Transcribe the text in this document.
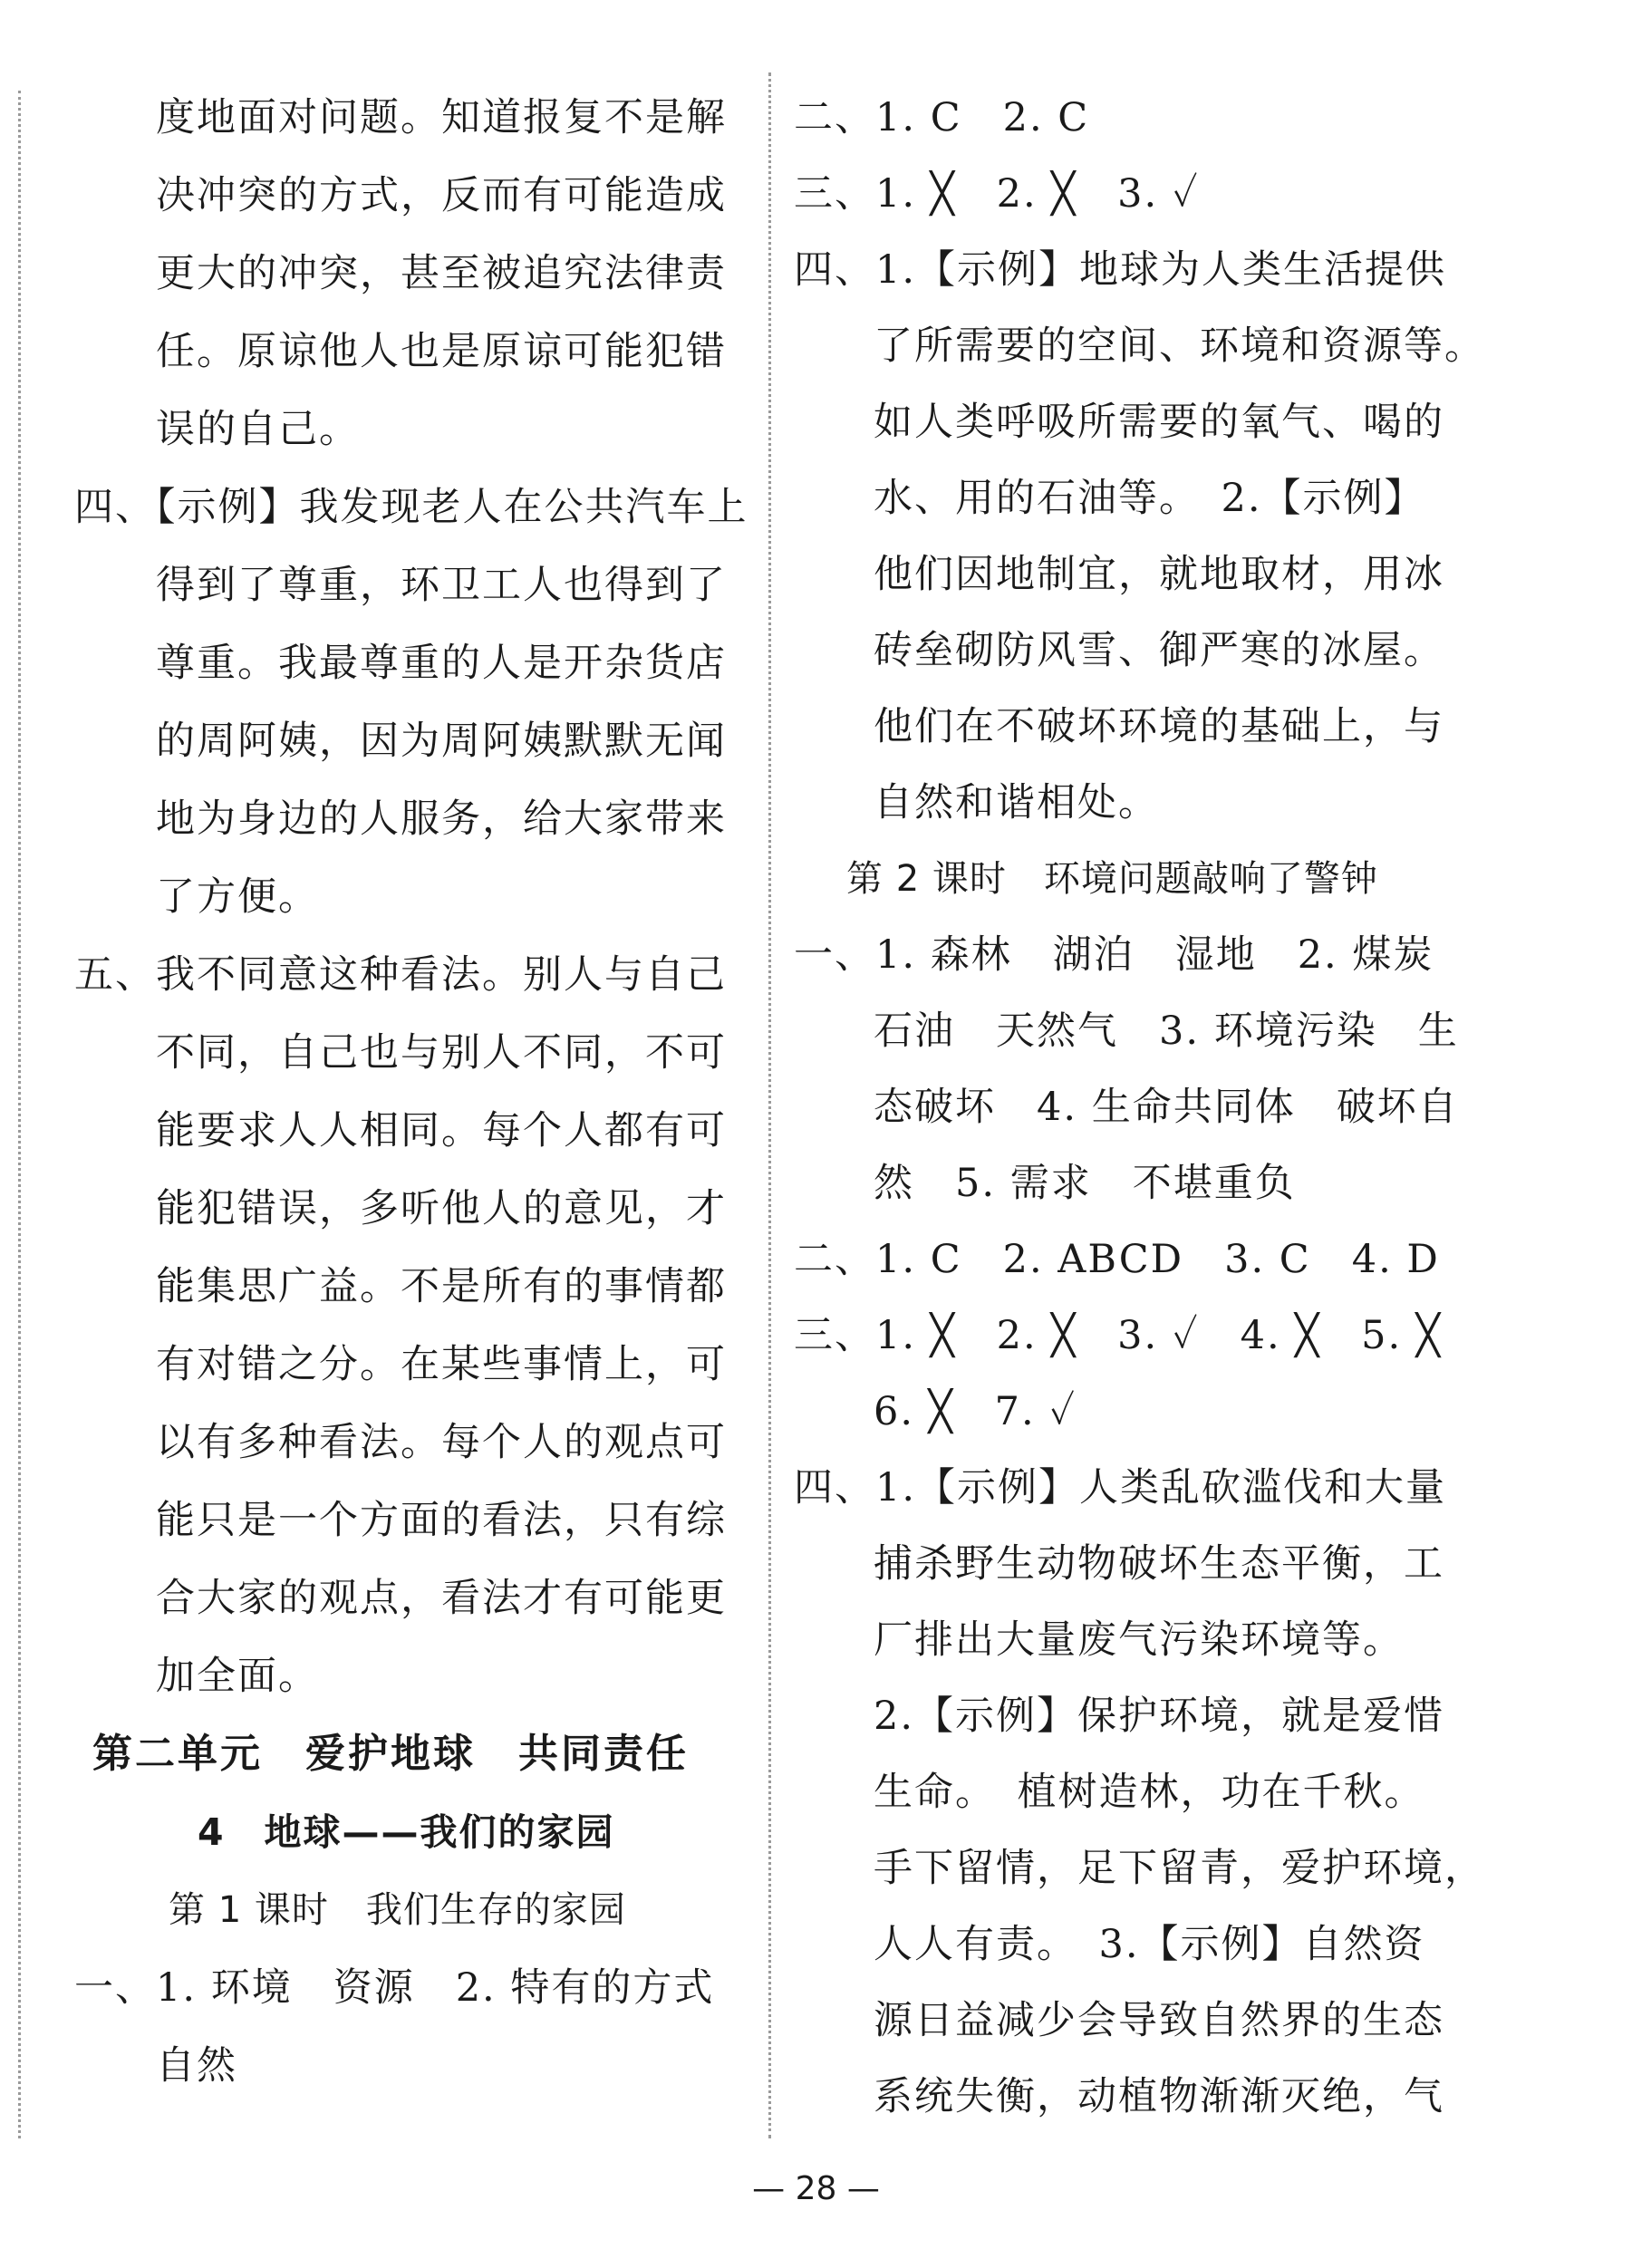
度地面对问题。知道报复不是解
决冲突的方式，反而有可能造成
更大的冲突，甚至被追究法律责
任。原谅他人也是原谅可能犯错
误的自己。
四、【示例】我发现老人在公共汽车上
得到了尊重，环卫工人也得到了
尊重。我最尊重的人是开杂货店
的周阿姨，因为周阿姨默默无闻
地为身边的人服务，给大家带来
了方便。
五、我不同意这种看法。别人与自己
不同，自己也与别人不同，不可
能要求人人相同。每个人都有可
能犯错误，多听他人的意见，才
能集思广益。不是所有的事情都
有对错之分。在某些事情上，可
以有多种看法。每个人的观点可
能只是一个方面的看法，只有综
合大家的观点，看法才有可能更
加全面。
第二单元　爱护地球　共同责任
4　地球——我们的家园
第 1 课时　我们生存的家园
一、1. 环境　资源　2. 特有的方式
自然
二、1. C　2. C
三、1. ╳　2. ╳　3. ✓
四、1.【示例】地球为人类生活提供
了所需要的空间、环境和资源等。
如人类呼吸所需要的氧气、喝的
水、用的石油等。　2.【示例】
他们因地制宜，就地取材，用冰
砖垒砌防风雪、御严寒的冰屋。
他们在不破坏环境的基础上，与
自然和谐相处。
第 2 课时　环境问题敲响了警钟
一、1. 森林　湖泊　湿地　2. 煤炭
石油　天然气　3. 环境污染　生
态破坏　4. 生命共同体　破坏自
然　5. 需求　不堪重负
二、1. C　2. ABCD　3. C　4. D
三、1. ╳　2. ╳　3. ✓　4. ╳　5. ╳
6. ╳　7. ✓
四、1.【示例】人类乱砍滥伐和大量
捕杀野生动物破坏生态平衡，工
厂排出大量废气污染环境等。
2.【示例】保护环境，就是爱惜
生命。　植树造林，功在千秋。
手下留情，足下留青，爱护环境，
人人有责。　3.【示例】自然资
源日益减少会导致自然界的生态
系统失衡，动植物渐渐灭绝，气
— 28 —
